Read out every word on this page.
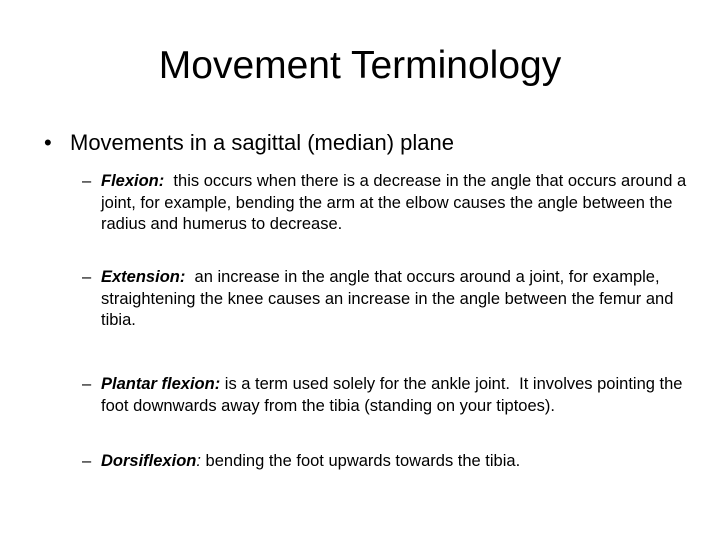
Movement Terminology
• Movements in a sagittal (median) plane
– Flexion:  this occurs when there is a decrease in the angle that occurs around a joint, for example, bending the arm at the elbow causes the angle between the radius and humerus to decrease.
– Extension:  an increase in the angle that occurs around a joint, for example,  straightening the knee causes an increase in the angle between the femur and tibia.
– Plantar flexion: is a term used solely for the ankle joint.  It involves pointing the foot downwards away from the tibia (standing on your tiptoes).
– Dorsiflexion: bending the foot upwards towards the tibia.
